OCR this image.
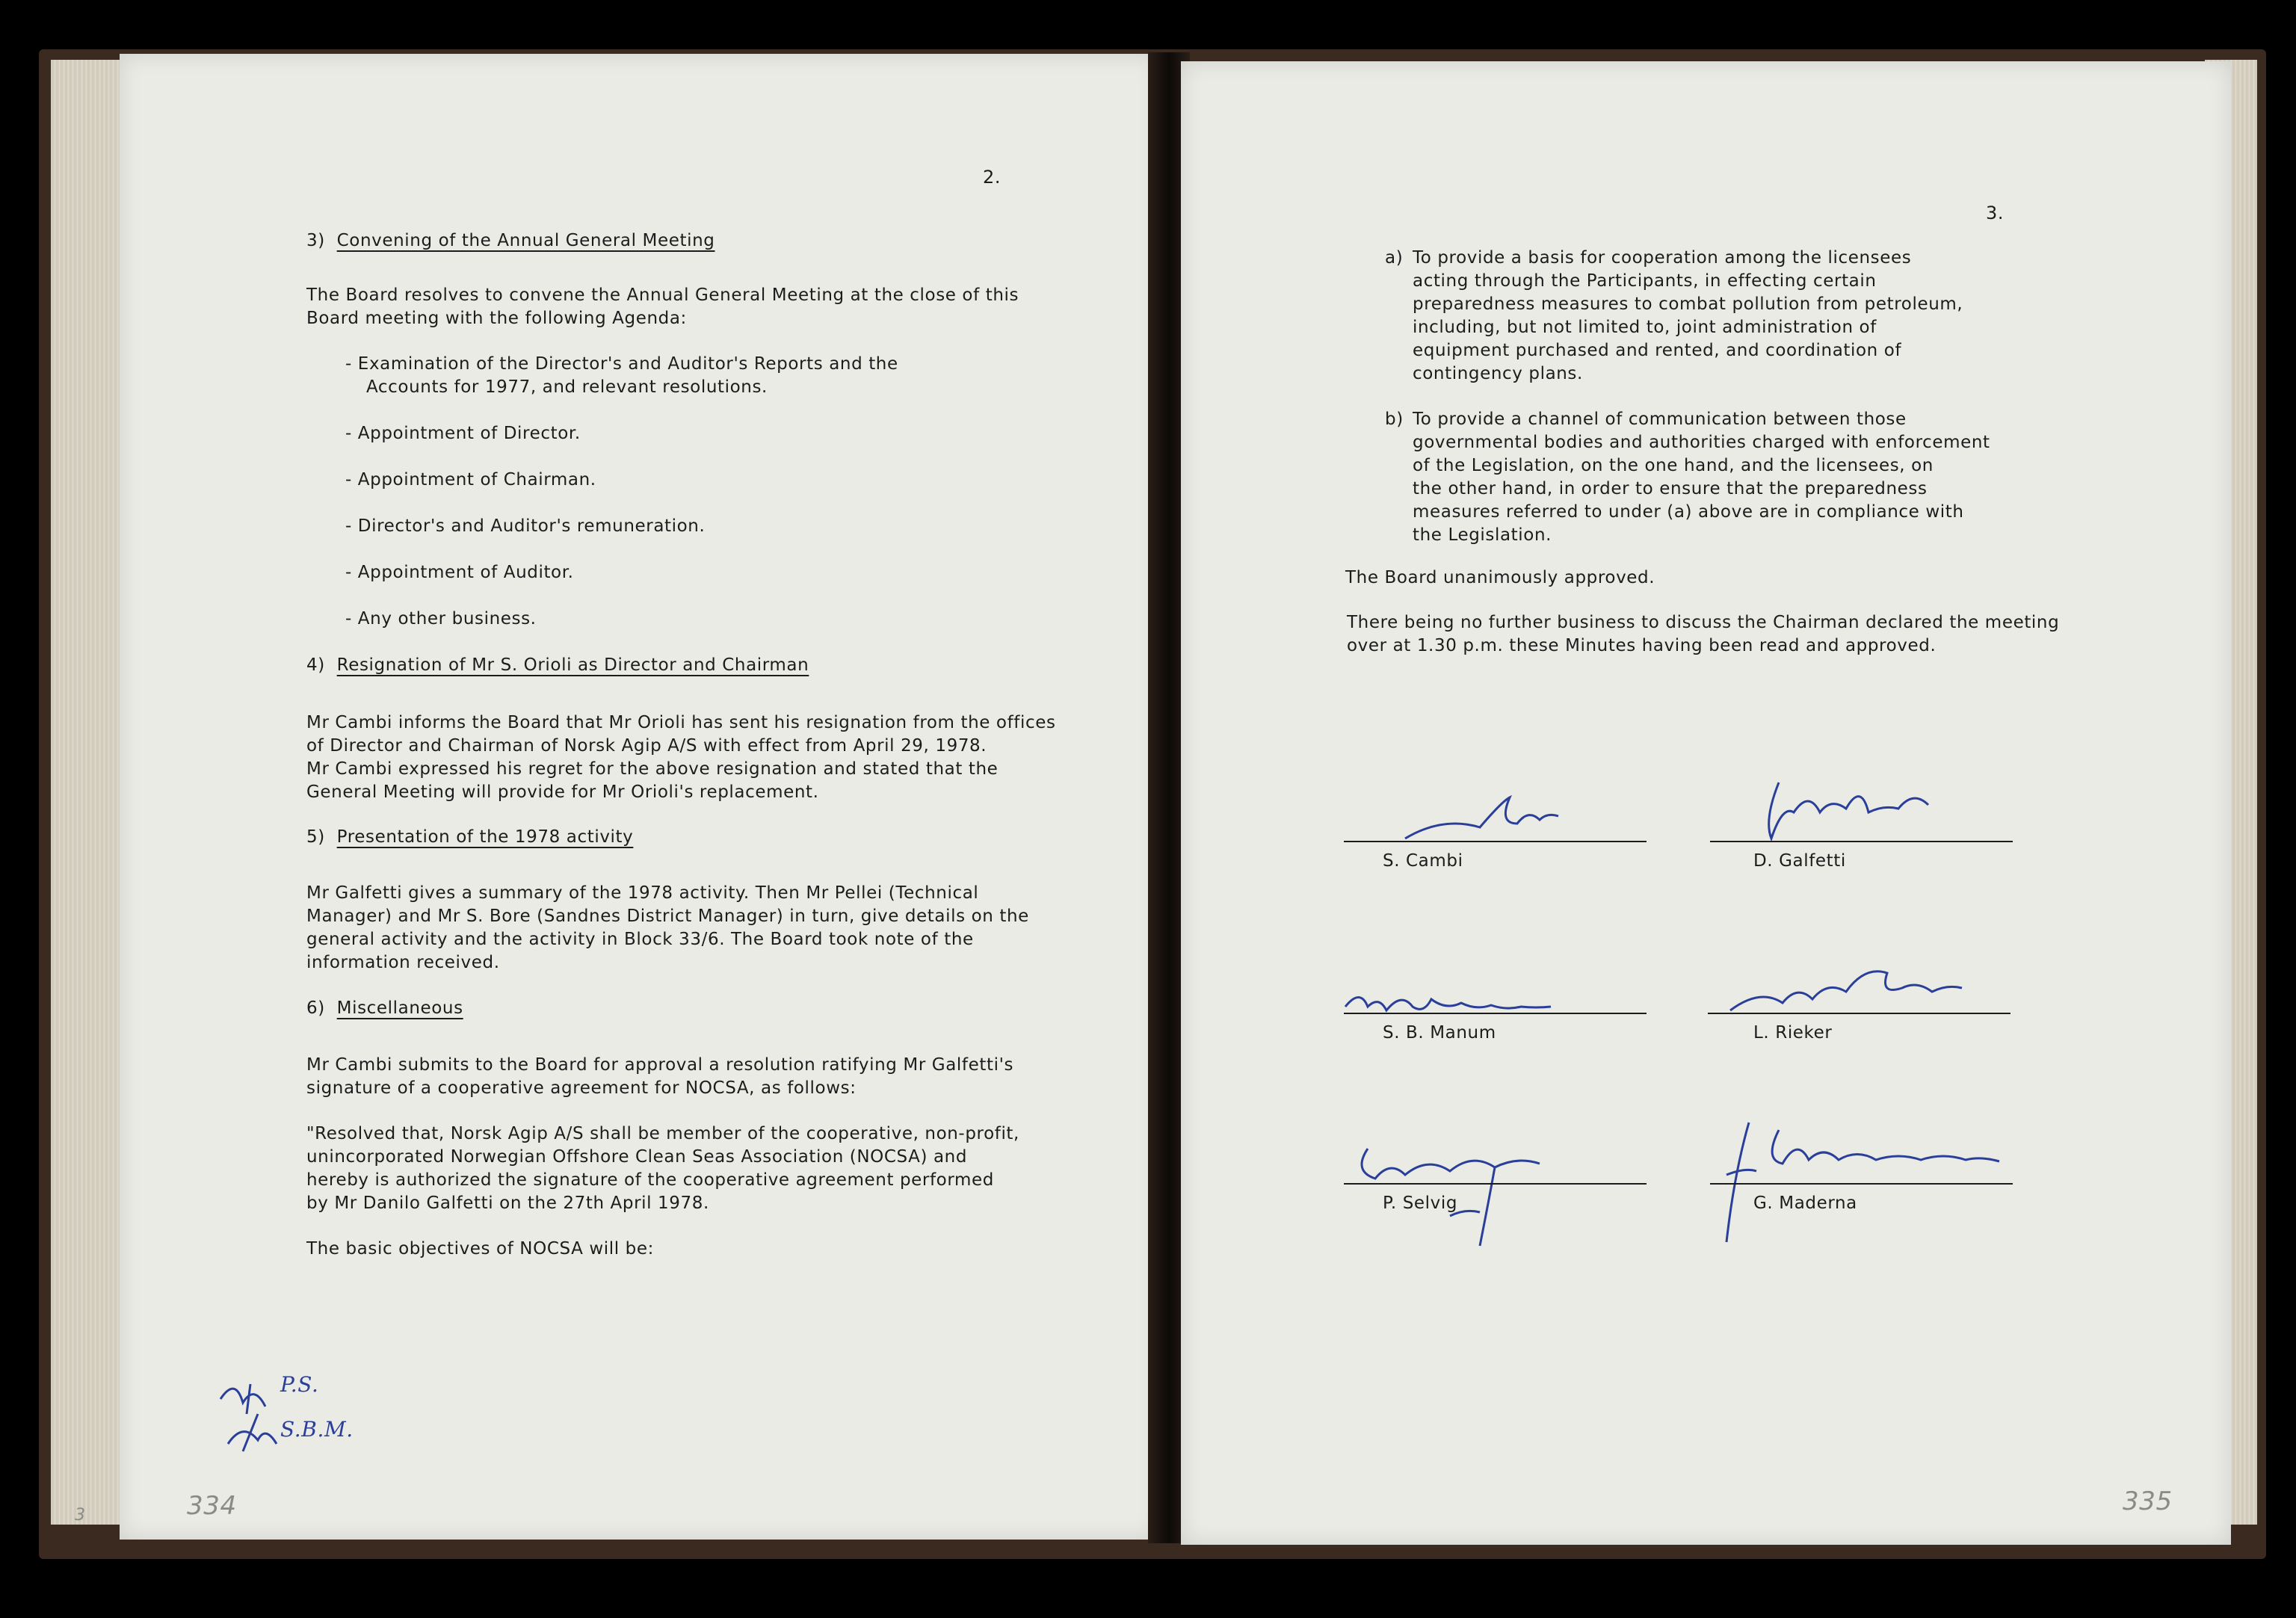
2.
3) Convening of the Annual General Meeting
The Board resolves to convene the Annual General Meeting at the close of this
Board meeting with the following Agenda:
- Examination of the Director's and Auditor's Reports and the
Accounts for 1977, and relevant resolutions.
- Appointment of Director.
- Appointment of Chairman.
- Director's and Auditor's remuneration.
- Appointment of Auditor.
- Any other business.
4) Resignation of Mr S. Orioli as Director and Chairman
Mr Cambi informs the Board that Mr Orioli has sent his resignation from the offices
of Director and Chairman of Norsk Agip A/S with effect from April 29, 1978.
Mr Cambi expressed his regret for the above resignation and stated that the
General Meeting will provide for Mr Orioli's replacement.
5) Presentation of the 1978 activity
Mr Galfetti gives a summary of the 1978 activity. Then Mr Pellei (Technical
Manager) and Mr S. Bore (Sandnes District Manager) in turn, give details on the
general activity and the activity in Block 33/6. The Board took note of the
information received.
6) Miscellaneous
Mr Cambi submits to the Board for approval a resolution ratifying Mr Galfetti's
signature of a cooperative agreement for NOCSA, as follows:
"Resolved that, Norsk Agip A/S shall be member of the cooperative, non-profit,
unincorporated Norwegian Offshore Clean Seas Association (NOCSA) and
hereby is authorized the signature of the cooperative agreement performed
by Mr Danilo Galfetti on the 27th April 1978.
The basic objectives of NOCSA will be:
P.S.
S.B.M.
3	334
3.
a) To provide a basis for cooperation among the licensees
acting through the Participants, in effecting certain
preparedness measures to combat pollution from petroleum,
including, but not limited to, joint administration of
equipment purchased and rented, and coordination of
contingency plans.
b) To provide a channel of communication between those
governmental bodies and authorities charged with enforcement
of the Legislation, on the one hand, and the licensees, on
the other hand, in order to ensure that the preparedness
measures referred to under (a) above are in compliance with
the Legislation.
The Board unanimously approved.
There being no further business to discuss the Chairman declared the meeting
over at 1.30 p.m. these Minutes having been read and approved.
S. Cambi	D. Galfetti
S. B. Manum	L. Rieker
P. Selvig	G. Maderna
335
